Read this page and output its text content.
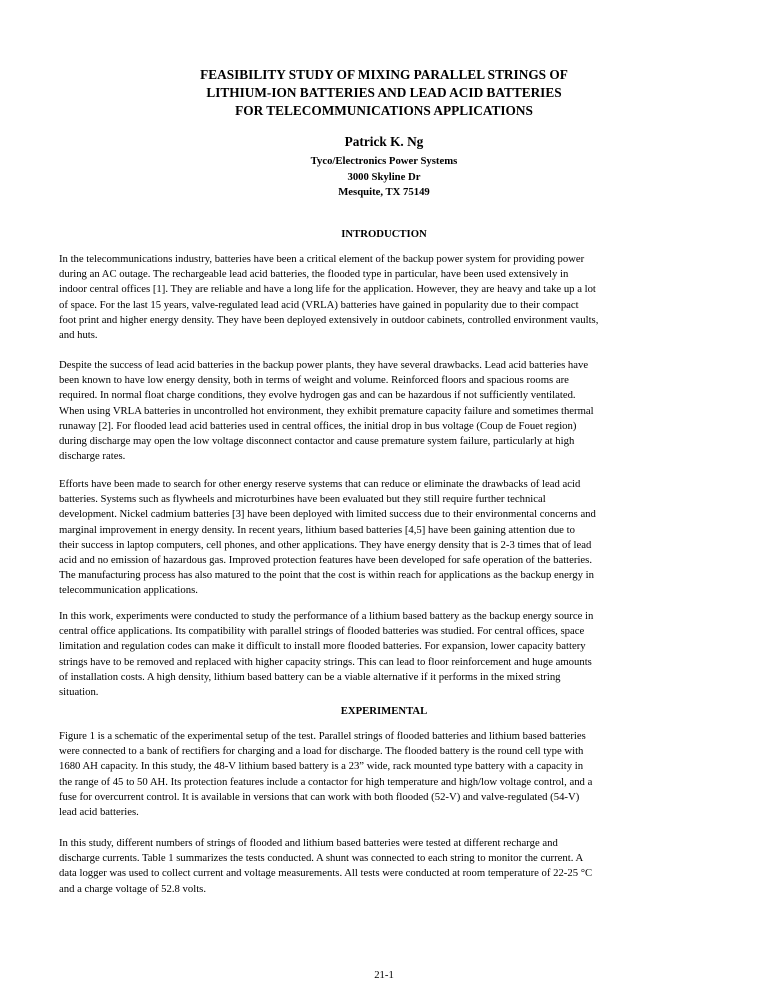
FEASIBILITY STUDY OF MIXING PARALLEL STRINGS OF
LITHIUM-ION BATTERIES AND LEAD ACID BATTERIES
FOR TELECOMMUNICATIONS APPLICATIONS
Patrick K. Ng
Tyco/Electronics Power Systems
3000 Skyline Dr
Mesquite, TX 75149
INTRODUCTION
In the telecommunications industry, batteries have been a critical element of the backup power system for providing power
during an AC outage. The rechargeable lead acid batteries, the flooded type in particular, have been used extensively in
indoor central offices [1]. They are reliable and have a long life for the application. However, they are heavy and take up a lot
of space. For the last 15 years, valve-regulated lead acid (VRLA) batteries have gained in popularity due to their compact
foot print and higher energy density. They have been deployed extensively in outdoor cabinets, controlled environment vaults,
and huts.
Despite the success of lead acid batteries in the backup power plants, they have several drawbacks. Lead acid batteries have
been known to have low energy density, both in terms of weight and volume. Reinforced floors and spacious rooms are
required. In normal float charge conditions, they evolve hydrogen gas and can be hazardous if not sufficiently ventilated.
When using VRLA batteries in uncontrolled hot environment, they exhibit premature capacity failure and sometimes thermal
runaway [2]. For flooded lead acid batteries used in central offices, the initial drop in bus voltage (Coup de Fouet region)
during discharge may open the low voltage disconnect contactor and cause premature system failure, particularly at high
discharge rates.
Efforts have been made to search for other energy reserve systems that can reduce or eliminate the drawbacks of lead acid
batteries. Systems such as flywheels and microturbines have been evaluated but they still require further technical
development. Nickel cadmium batteries [3] have been deployed with limited success due to their environmental concerns and
marginal improvement in energy density. In recent years, lithium based batteries [4,5] have been gaining attention due to
their success in laptop computers, cell phones, and other applications. They have energy density that is 2-3 times that of lead
acid and no emission of hazardous gas. Improved protection features have been developed for safe operation of the batteries.
The manufacturing process has also matured to the point that the cost is within reach for applications as the backup energy in
telecommunication applications.
In this work, experiments were conducted to study the performance of a lithium based battery as the backup energy source in
central office applications. Its compatibility with parallel strings of flooded batteries was studied. For central offices, space
limitation and regulation codes can make it difficult to install more flooded batteries. For expansion, lower capacity battery
strings have to be removed and replaced with higher capacity strings. This can lead to floor reinforcement and huge amounts
of installation costs. A high density, lithium based battery can be a viable alternative if it performs in the mixed string
situation.
EXPERIMENTAL
Figure 1 is a schematic of the experimental setup of the test. Parallel strings of flooded batteries and lithium based batteries
were connected to a bank of rectifiers for charging and a load for discharge. The flooded battery is the round cell type with
1680 AH capacity. In this study, the 48-V lithium based battery is a 23” wide, rack mounted type battery with a capacity in
the range of 45 to 50 AH. Its protection features include a contactor for high temperature and high/low voltage control, and a
fuse for overcurrent control. It is available in versions that can work with both flooded (52-V) and valve-regulated (54-V)
lead acid batteries.
In this study, different numbers of strings of flooded and lithium based batteries were tested at different recharge and
discharge currents. Table 1 summarizes the tests conducted. A shunt was connected to each string to monitor the current. A
data logger was used to collect current and voltage measurements. All tests were conducted at room temperature of 22-25 °C
and a charge voltage of 52.8 volts.
21-1
